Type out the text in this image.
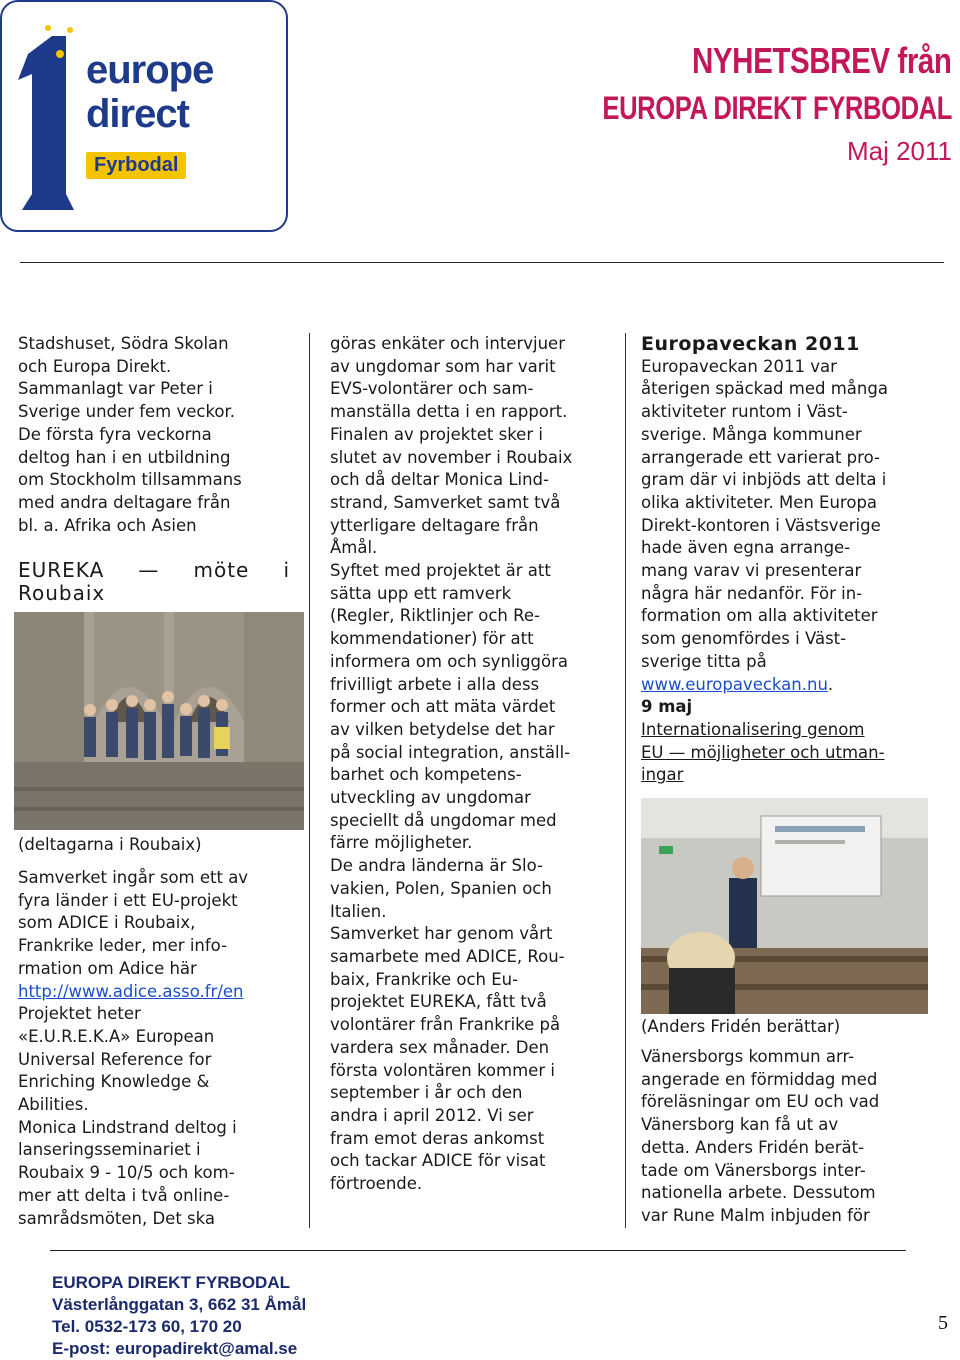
europe
direct
Fyrbodal
NYHETSBREV från
EUROPA DIREKT FYRBODAL
Maj 2011

Stadshuset, Södra Skolan

och Europa Direkt.

Sammanlagt var Peter i

Sverige under fem veckor.

De första fyra veckorna

deltog han i en utbildning

om Stockholm tillsammans

med andra deltagare från

bl. a. Afrika och Asien

EUREKA — möte i

Roubaix

(deltagarna i Roubaix)

Samverket ingår som ett av

fyra länder i ett EU-projekt

som ADICE i Roubaix,

Frankrike leder, mer info-

rmation om Adice här

http://www.adice.asso.fr/en

Projektet heter

«E.U.R.E.K.A» European

Universal Reference for

Enriching Knowledge &

Abilities.

Monica Lindstrand deltog i

lanseringsseminariet i

Roubaix 9 - 10/5 och kom-

mer att delta i två online-

samrådsmöten, Det ska

göras enkäter och intervjuer

av ungdomar som har varit

EVS-volontärer och sam-

manställa detta i en rapport.

Finalen av projektet sker i

slutet av november i Roubaix

och då deltar Monica Lind-

strand, Samverket samt två

ytterligare deltagare från

Åmål.

Syftet med projektet är att

sätta upp ett ramverk

(Regler, Riktlinjer och Re-

kommendationer) för att

informera om och synliggöra

frivilligt arbete i alla dess

former och att mäta värdet

av vilken betydelse det har

på social integration, anställ-

barhet och kompetens-

utveckling av ungdomar

speciellt då ungdomar med

färre möjligheter.

De andra länderna är Slo-

vakien, Polen, Spanien och

Italien.

Samverket har genom vårt

samarbete med ADICE, Rou-

baix, Frankrike och Eu-

projektet EUREKA, fått två

volontärer från Frankrike på

vardera sex månader. Den

första volontären kommer i

september i år och den

andra i april 2012. Vi ser

fram emot deras ankomst

och tackar ADICE för visat

förtroende.

Europaveckan 2011

Europaveckan 2011 var

återigen späckad med många

aktiviteter runtom i Väst-

sverige. Många kommuner

arrangerade ett varierat pro-

gram där vi inbjöds att delta i

olika aktiviteter. Men Europa

Direkt-kontoren i Västsverige

hade även egna arrange-

mang varav vi presenterar

några här nedanför. För in-

formation om alla aktiviteter

som genomfördes i Väst-

sverige titta på

www.europaveckan.nu.

9 maj

Internationalisering genom

EU — möjligheter och utman-

ingar

(Anders Fridén berättar)

Vänersborgs kommun arr-

angerade en förmiddag med

föreläsningar om EU och vad

Vänersborg kan få ut av

detta. Anders Fridén berät-

tade om Vänersborgs inter-

nationella arbete. Dessutom

var Rune Malm inbjuden för

EUROPA DIREKT FYRBODAL
Västerlånggatan 3, 662 31 Åmål
Tel. 0532-173 60, 170 20
E-post: europadirekt@amal.se
5
